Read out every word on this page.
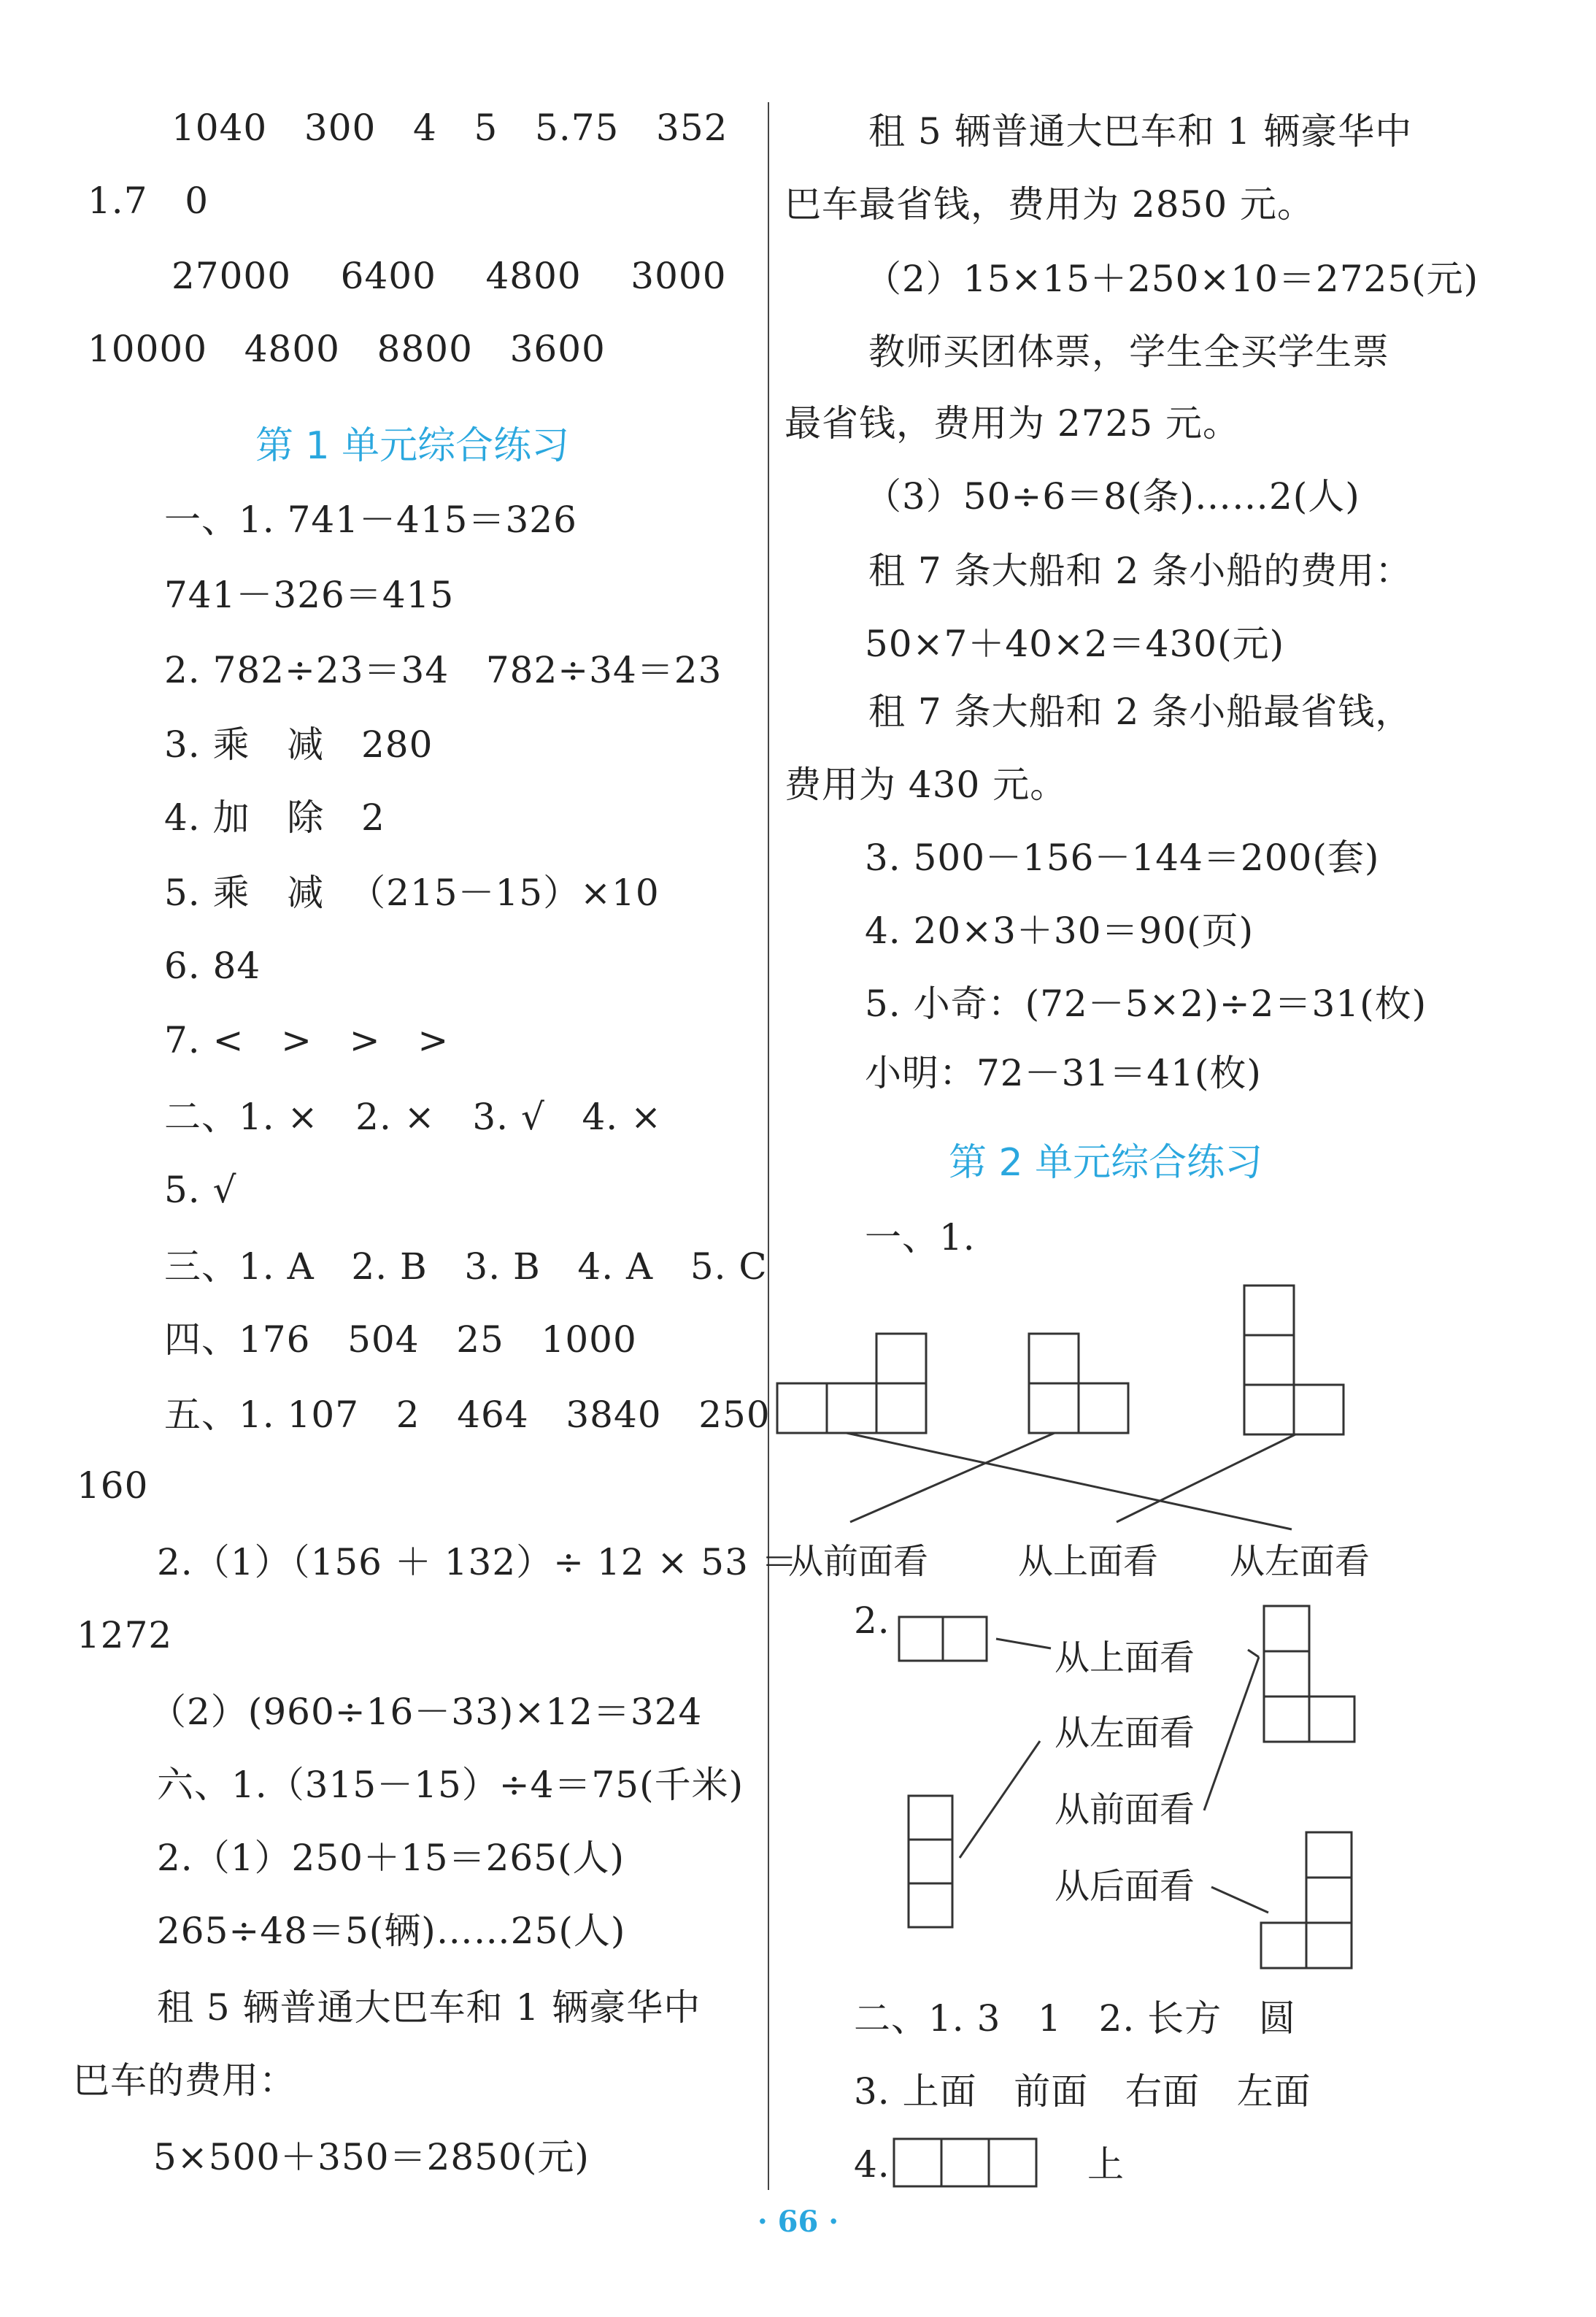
1040   300   4   5   5.75   352
1.7   0
27000    6400    4800    3000
10000   4800   8800   3600
第 1 单元综合练习
一、1. 741－415＝326
741－326＝415
2. 782÷23＝34   782÷34＝23
3. 乘   减   280
4. 加   除   2
5. 乘   减  （215－15）×10
6. 84
7. <   >   >   >
二、1. ×   2. ×   3. √   4. ×
5. √
三、1. A   2. B   3. B   4. A   5. C
四、176   504   25   1000
五、1. 107   2   464   3840   250
160
2.（1）（156 ＋ 132）÷ 12 × 53 ＝
1272
（2）(960÷16－33)×12＝324
六、1.（315－15）÷4＝75(千米)
2.（1）250＋15＝265(人)
265÷48＝5(辆)……25(人)
租 5 辆普通大巴车和 1 辆豪华中
巴车的费用：
5×500＋350＝2850(元)
租 5 辆普通大巴车和 1 辆豪华中
巴车最省钱，费用为 2850 元。
（2）15×15＋250×10＝2725(元)
教师买团体票，学生全买学生票
最省钱，费用为 2725 元。
（3）50÷6＝8(条)……2(人)
租 7 条大船和 2 条小船的费用：
50×7＋40×2＝430(元)
租 7 条大船和 2 条小船最省钱，
费用为 430 元。
3. 500－156－144＝200(套)
4. 20×3＋30＝90(页)
5. 小奇：(72－5×2)÷2＝31(枚)
小明：72－31＝41(枚)
第 2 单元综合练习
一、1.
从前面看	从上面看 从左面看
2.
从上面看
从左面看
从前面看
从后面看
二、1. 3   1   2. 长方   圆
3. 上面   前面   右面   左面
4.	上
· 66 ·
